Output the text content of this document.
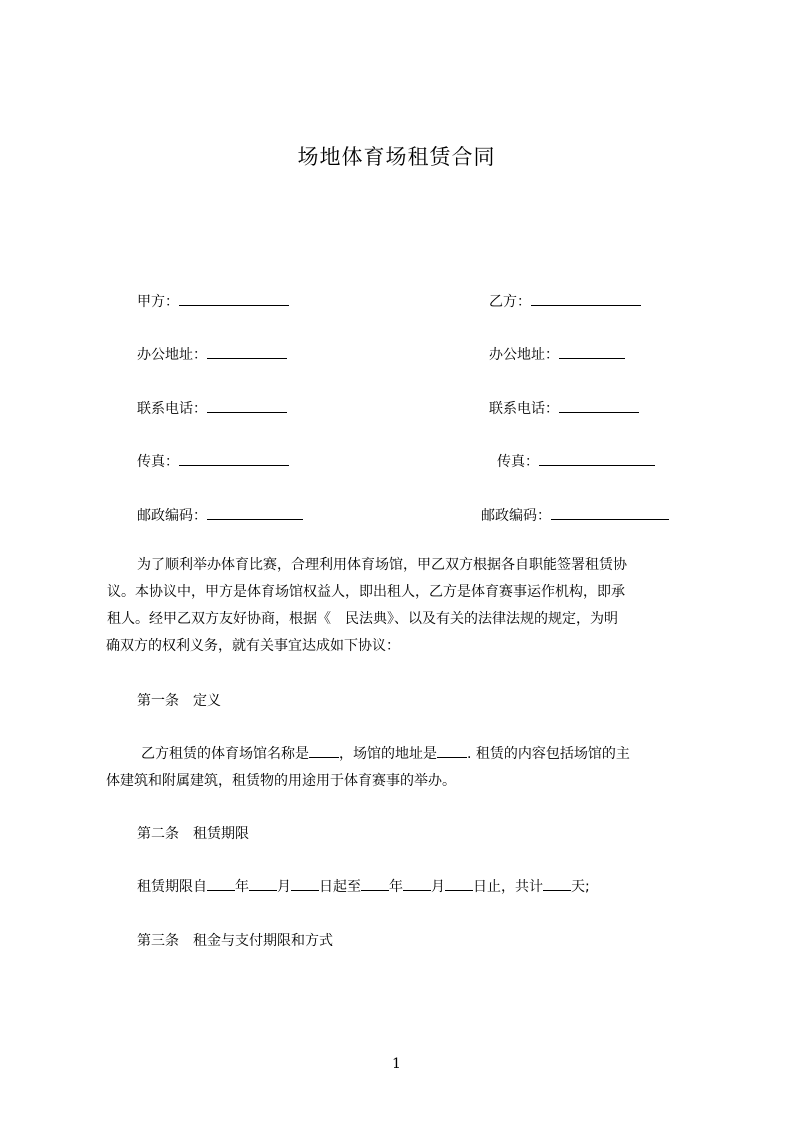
场地体育场租赁合同
甲方：
办公地址：
联系电话：
传真：
邮政编码：
乙方：
办公地址：
联系电话：
传真：
邮政编码：
为了顺利举办体育比赛，合理利用体育场馆，甲乙双方根据各自职能签署租赁协
议。本协议中，甲方是体育场馆权益人，即出租人，乙方是体育赛事运作机构，即承
租人。经甲乙双方友好协商，根据《　民法典》、以及有关的法律法规的规定，为明
确双方的权利义务，就有关事宜达成如下协议：
第一条　定义
乙方租赁的体育场馆名称是 ，场馆的地址是 . 租赁的内容包括场馆的主
体建筑和附属建筑，租赁物的用途用于体育赛事的举办。
第二条　租赁期限
租赁期限自 年 月 日起至 年 月 日止，共计 天;
第三条　租金与支付期限和方式
1
